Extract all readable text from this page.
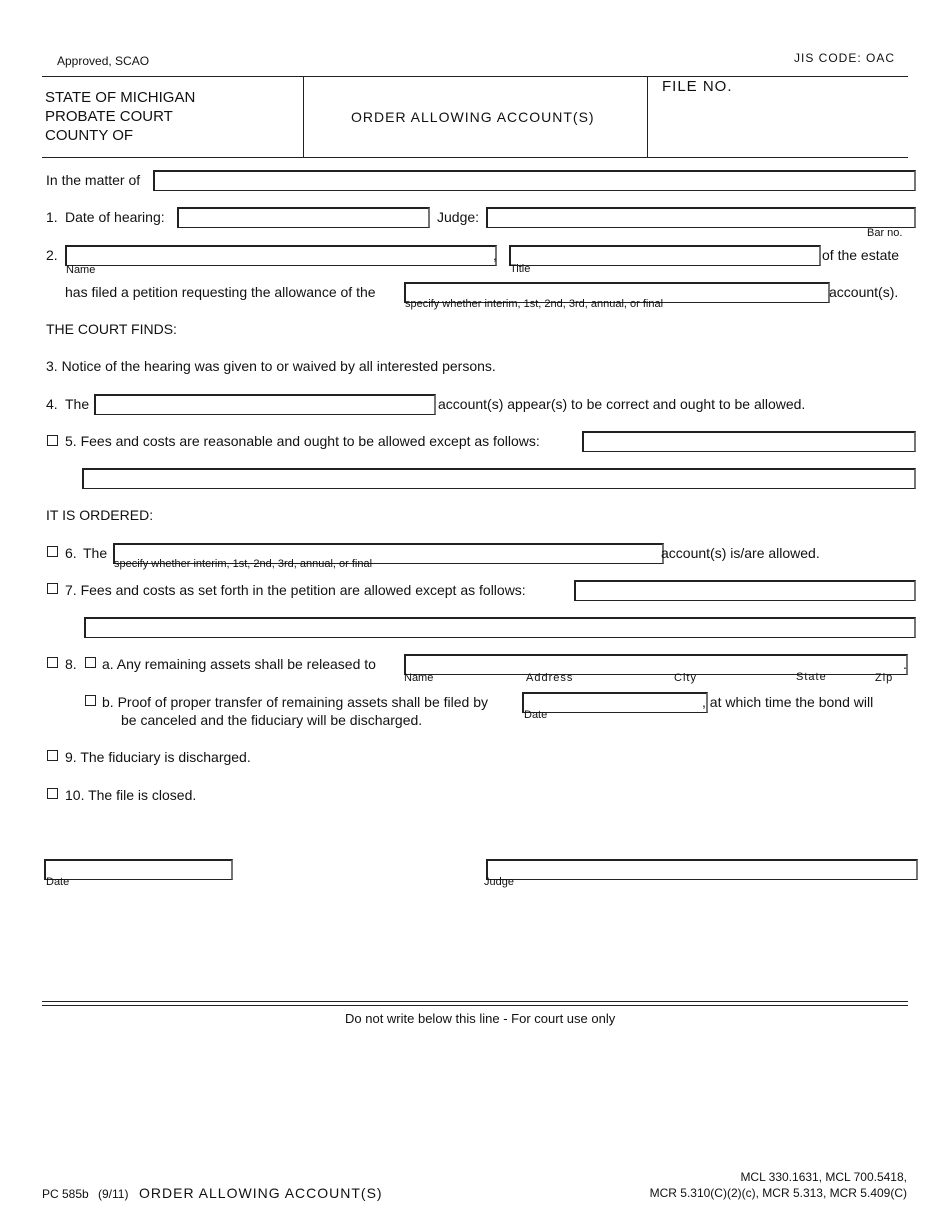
Approved, SCAO	JIS CODE: OAC
STATE OF MICHIGAN
PROBATE COURT
COUNTY OF
ORDER ALLOWING ACCOUNT(S)
FILE NO.
In the matter of
1. Date of hearing:	Judge:
Bar no.
2.	,	of the estate
Name	Title
has filed a petition requesting the allowance of the	account(s).
specify whether interim, 1st, 2nd, 3rd, annual, or final
THE COURT FINDS:
3. Notice of the hearing was given to or waived by all interested persons.
4. The	account(s) appear(s) to be correct and ought to be allowed.
5. Fees and costs are reasonable and ought to be allowed except as follows:
IT IS ORDERED:
6. The	account(s) is/are allowed.
specify whether interim, 1st, 2nd, 3rd, annual, or final
7. Fees and costs as set forth in the petition are allowed except as follows:
8. a. Any remaining assets shall be released to	.
Name	Address	City	State	Zip
b. Proof of proper transfer of remaining assets shall be filed by	, at which time the bond will
Date
be canceled and the fiduciary will be discharged.
9. The fiduciary is discharged.
10. The file is closed.
Date	Judge
Do not write below this line - For court use only
PC 585b (9/11) ORDER ALLOWING ACCOUNT(S)
MCL 330.1631, MCL 700.5418,
MCR 5.310(C)(2)(c), MCR 5.313, MCR 5.409(C)
